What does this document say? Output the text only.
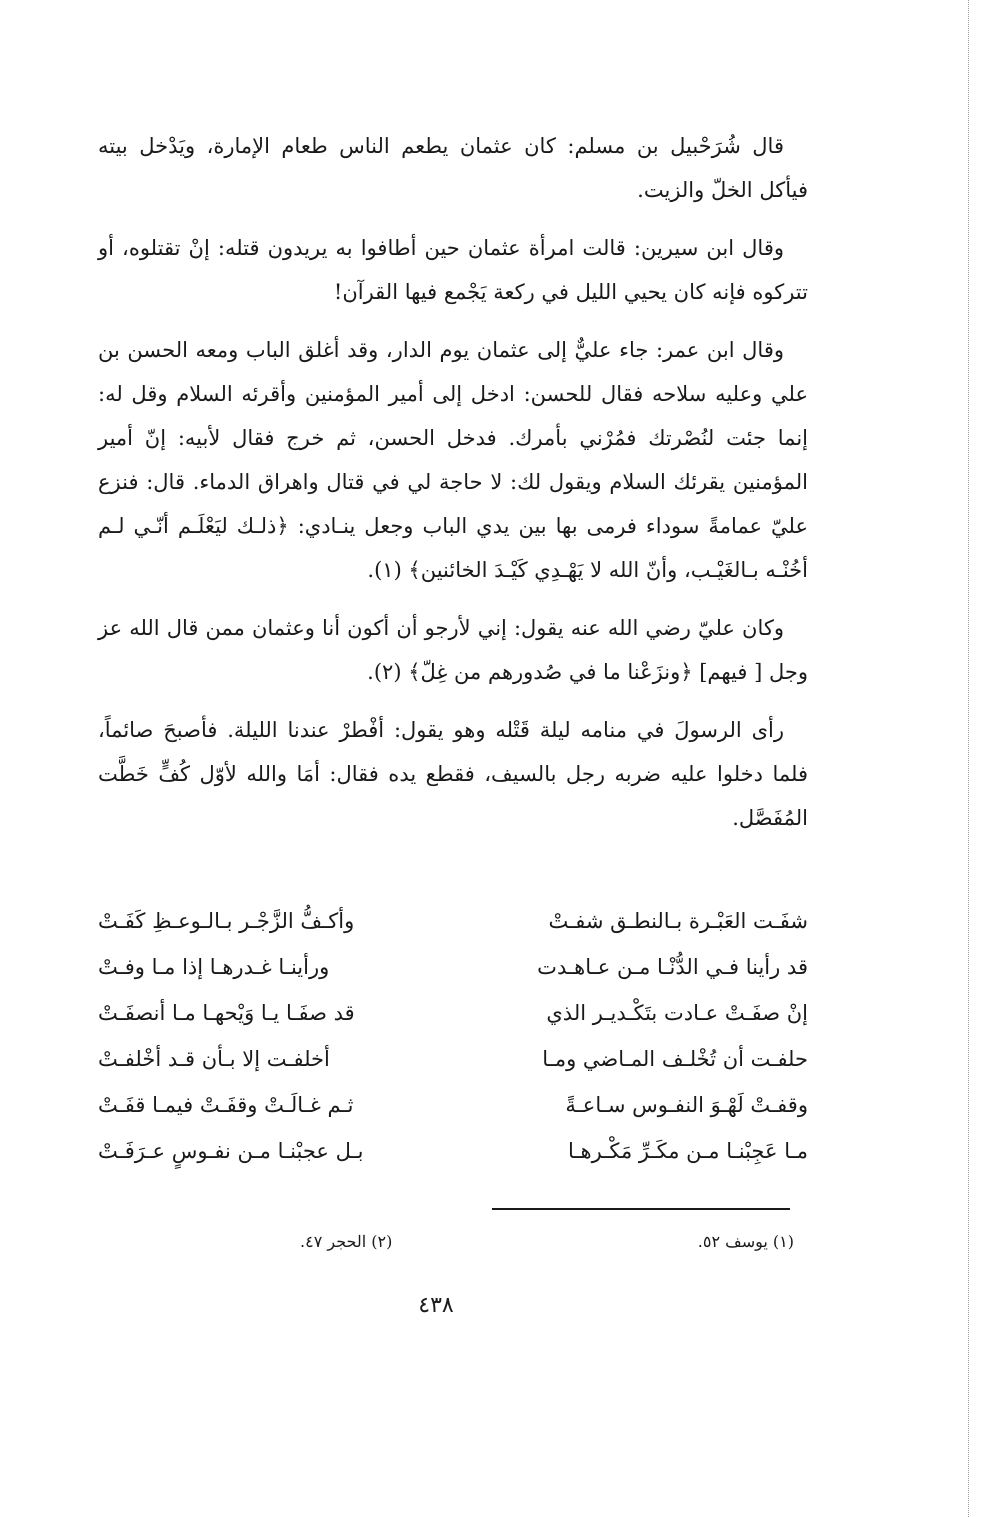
قال شُرَحْبيل بن مسلم: كان عثمان يطعم الناس طعام الإمارة، ويَدْخل بيته فيأكل الخلّ والزيت.

وقال ابن سيرين: قالت امرأة عثمان حين أطافوا به يريدون قتله: إنْ تقتلوه، أو تتركوه فإنه كان يحيي الليل في ركعة يَجْمع فيها القرآن!

وقال ابن عمر: جاء عليٌّ إلى عثمان يوم الدار، وقد أغلق الباب ومعه الحسن بن علي وعليه سلاحه فقال للحسن: ادخل إلى أمير المؤمنين وأقرئه السلام وقل له: إنما جئت لنُصْرتك فمُرْني بأمرك. فدخل الحسن، ثم خرج فقال لأبيه: إنّ أمير المؤمنين يقرئك السلام ويقول لك: لا حاجة لي في قتال واهراق الدماء. قال: فنزع عليّ عمامةً سوداء فرمى بها بين يدي الباب وجعل ينـادي: ﴿ذلـك ليَعْلَـم أنّـي لـم أخُنْـه بـالغَيْـب، وأنّ الله لا يَهْـدِي كَيْـدَ الخائنين﴾ (١).

وكان عليّ رضي الله عنه يقول: إني لأرجو أن أكون أنا وعثمان ممن قال الله عز وجل [ فيهم] ﴿ونزَعْنا ما في صُدورهم من غِلّ﴾ (٢).

رأى الرسولَ في منامه ليلة قَتْله وهو يقول: أفْطرْ عندنا الليلة. فأصبحَ صائماً، فلما دخلوا عليه ضربه رجل بالسيف، فقطع يده فقال: أمَا والله لأوّل كُفٍّ خَطَّت المُفَصَّل.

شفَـت العَبْـرة بـالنطـق شفـتْ
وأكـفُّ الزَّجْـر بـالـوعـظِ كَفَـتْ
قد رأينا فـي الدُّنْـا مـن عـاهـدت
ورأينـا غـدرهـا إذا مـا وفـتْ
إنْ صفَـتْ عـادت بتَكْـديـر الذي
قد صفَـا يـا وَيْحهـا مـا أنصفَـتْ
حلفـت أن تُخْلـف المـاضي ومـا
أخلفـت إلا بـأن قـد أخْلفـتْ
وقفـتْ لَهْـوَ النفـوس سـاعـةً
ثـم غـالَـتْ وقفَـتْ فيمـا قفَـتْ
مـا عَجِبْنـا مـن مكَـرِّ مَكْـرهـا
بـل عجبْنـا مـن نفـوسٍ عـرَفَـتْ
(١) يوسف ٥٢.
(٢) الحجر ٤٧.
٤٣٨
